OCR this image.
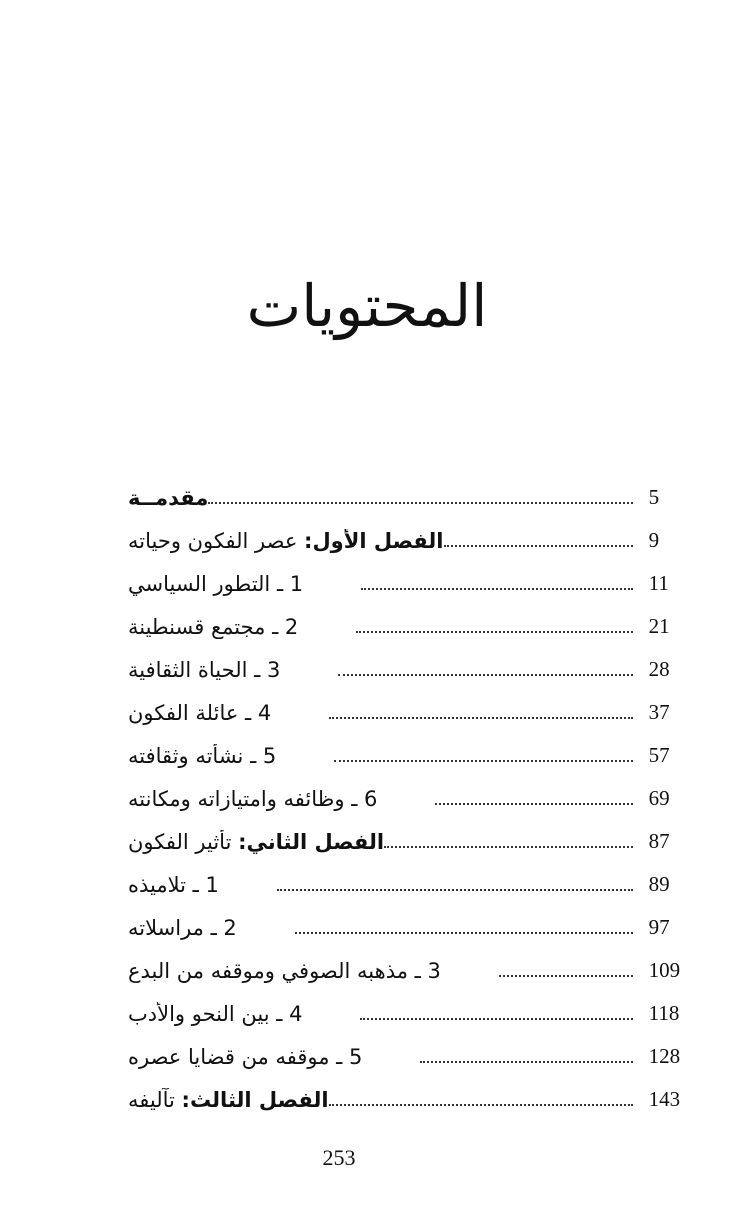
المحتويات
مقدمــة	5
الفصل الأول: عصر الفكون وحياته	9
1 ـ التطور السياسي	11
2 ـ مجتمع قسنطينة	21
3 ـ الحياة الثقافية	28
4 ـ عائلة الفكون	37
5 ـ نشأته وثقافته	57
6 ـ وظائفه وامتيازاته ومكانته	69
الفصل الثاني: تأثير الفكون	87
1 ـ تلاميذه	89
2 ـ مراسلاته	97
3 ـ مذهبه الصوفي وموقفه من البدع	109
4 ـ بين النحو والأدب	118
5 ـ موقفه من قضايا عصره	128
الفصل الثالث: تآليفه	143
253
